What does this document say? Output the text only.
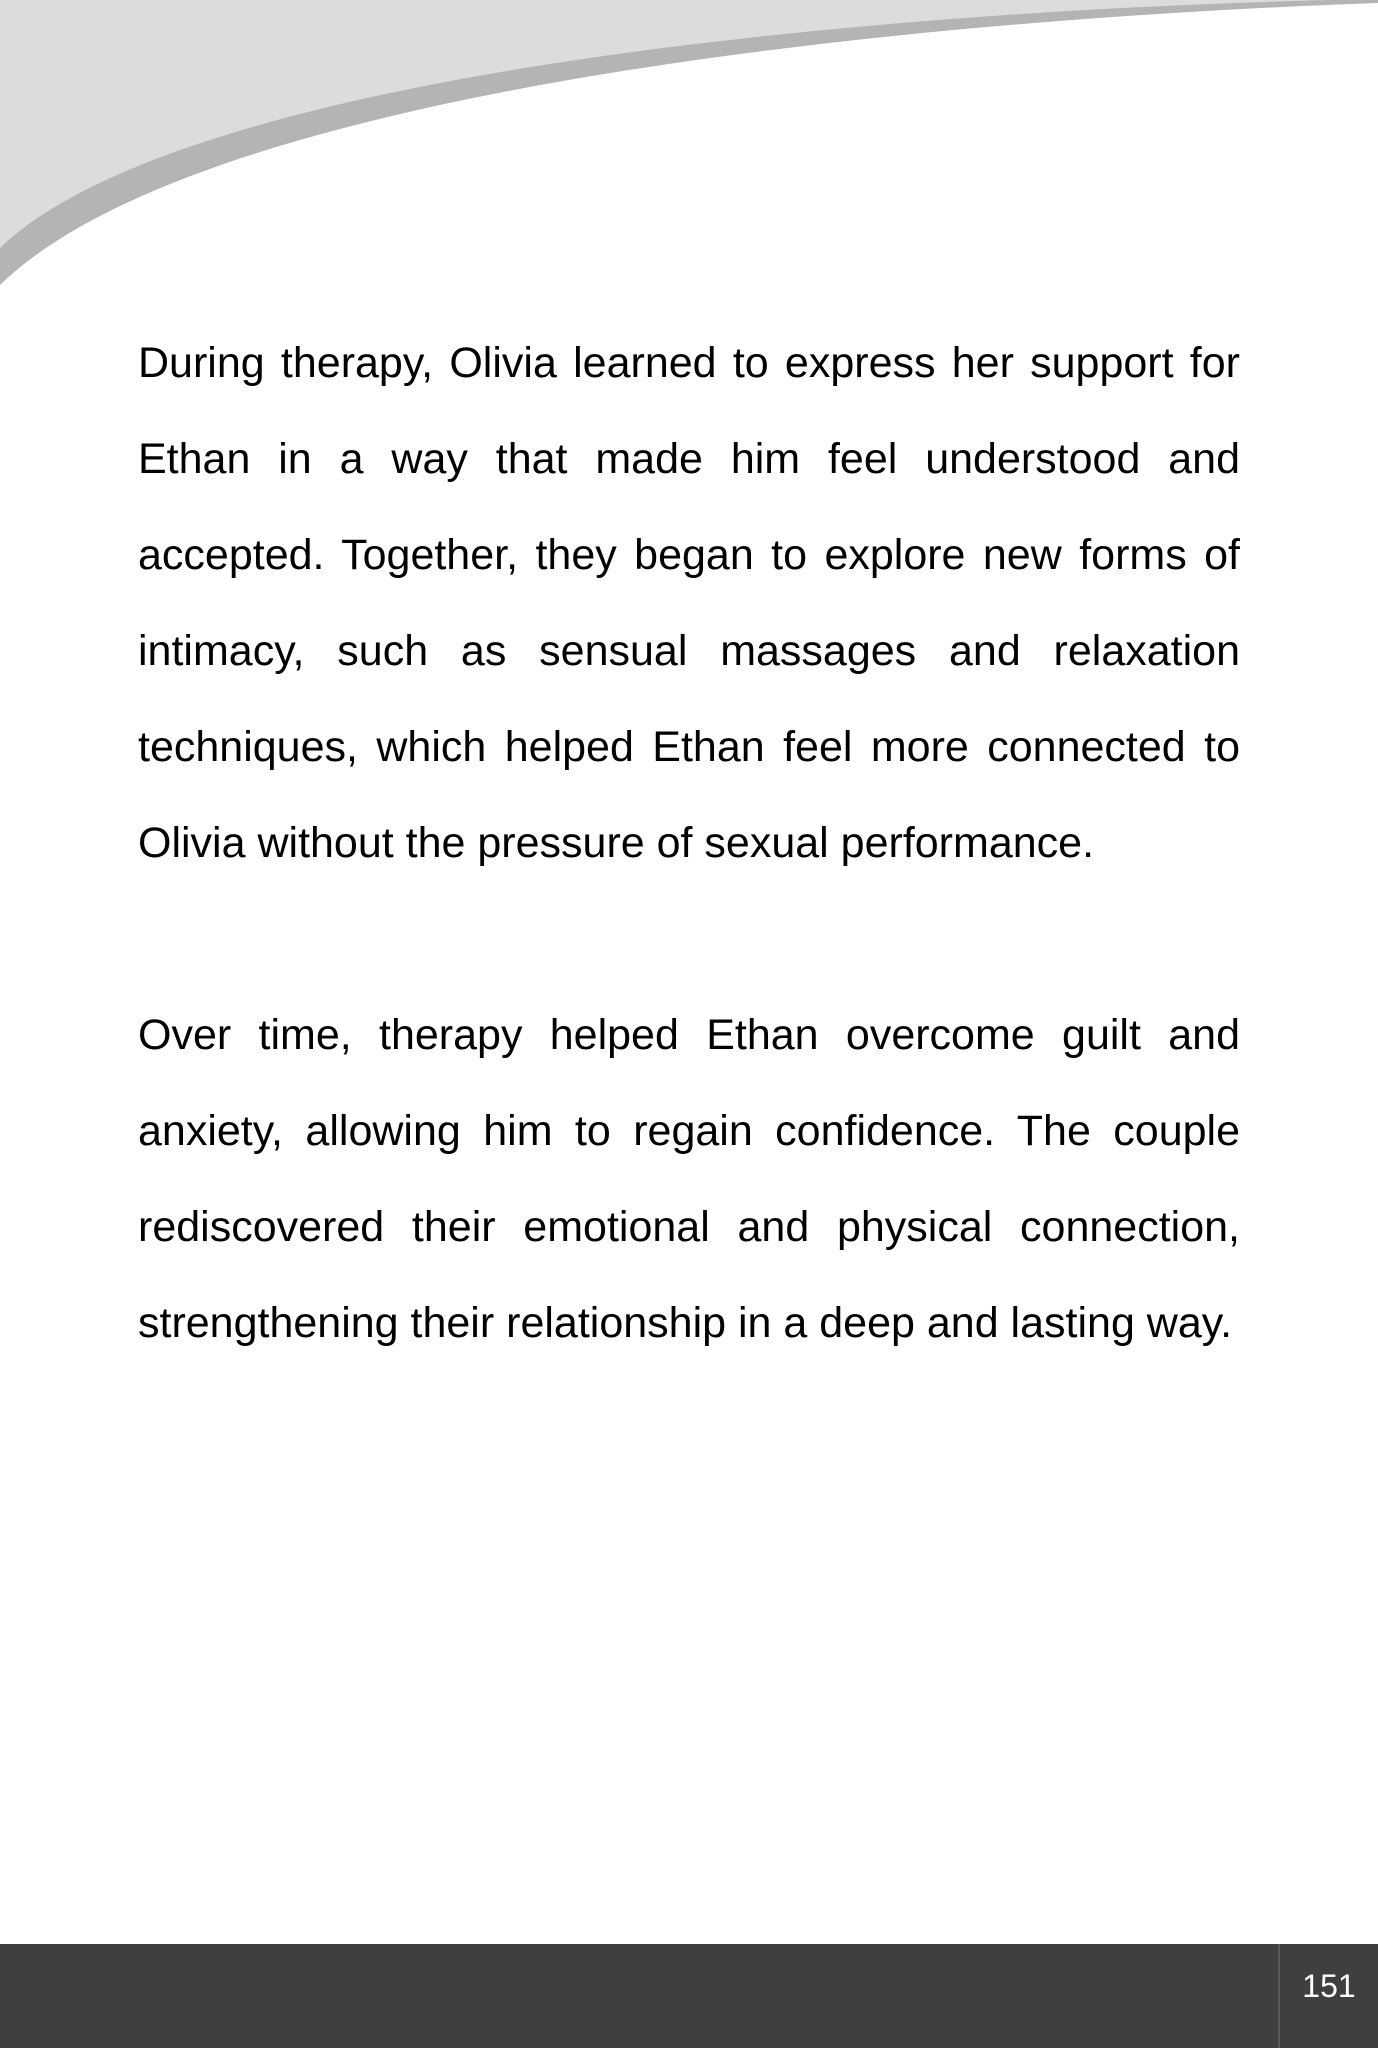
During therapy, Olivia learned to express her support for Ethan in a way that made him feel understood and accepted. Together, they began to explore new forms of intimacy, such as sensual massages and relaxation techniques, which helped Ethan feel more connected to Olivia without the pressure of sexual performance.

Over time, therapy helped Ethan overcome guilt and anxiety, allowing him to regain confidence. The couple rediscovered their emotional and physical connection, strengthening their relationship in a deep and lasting way.

151
